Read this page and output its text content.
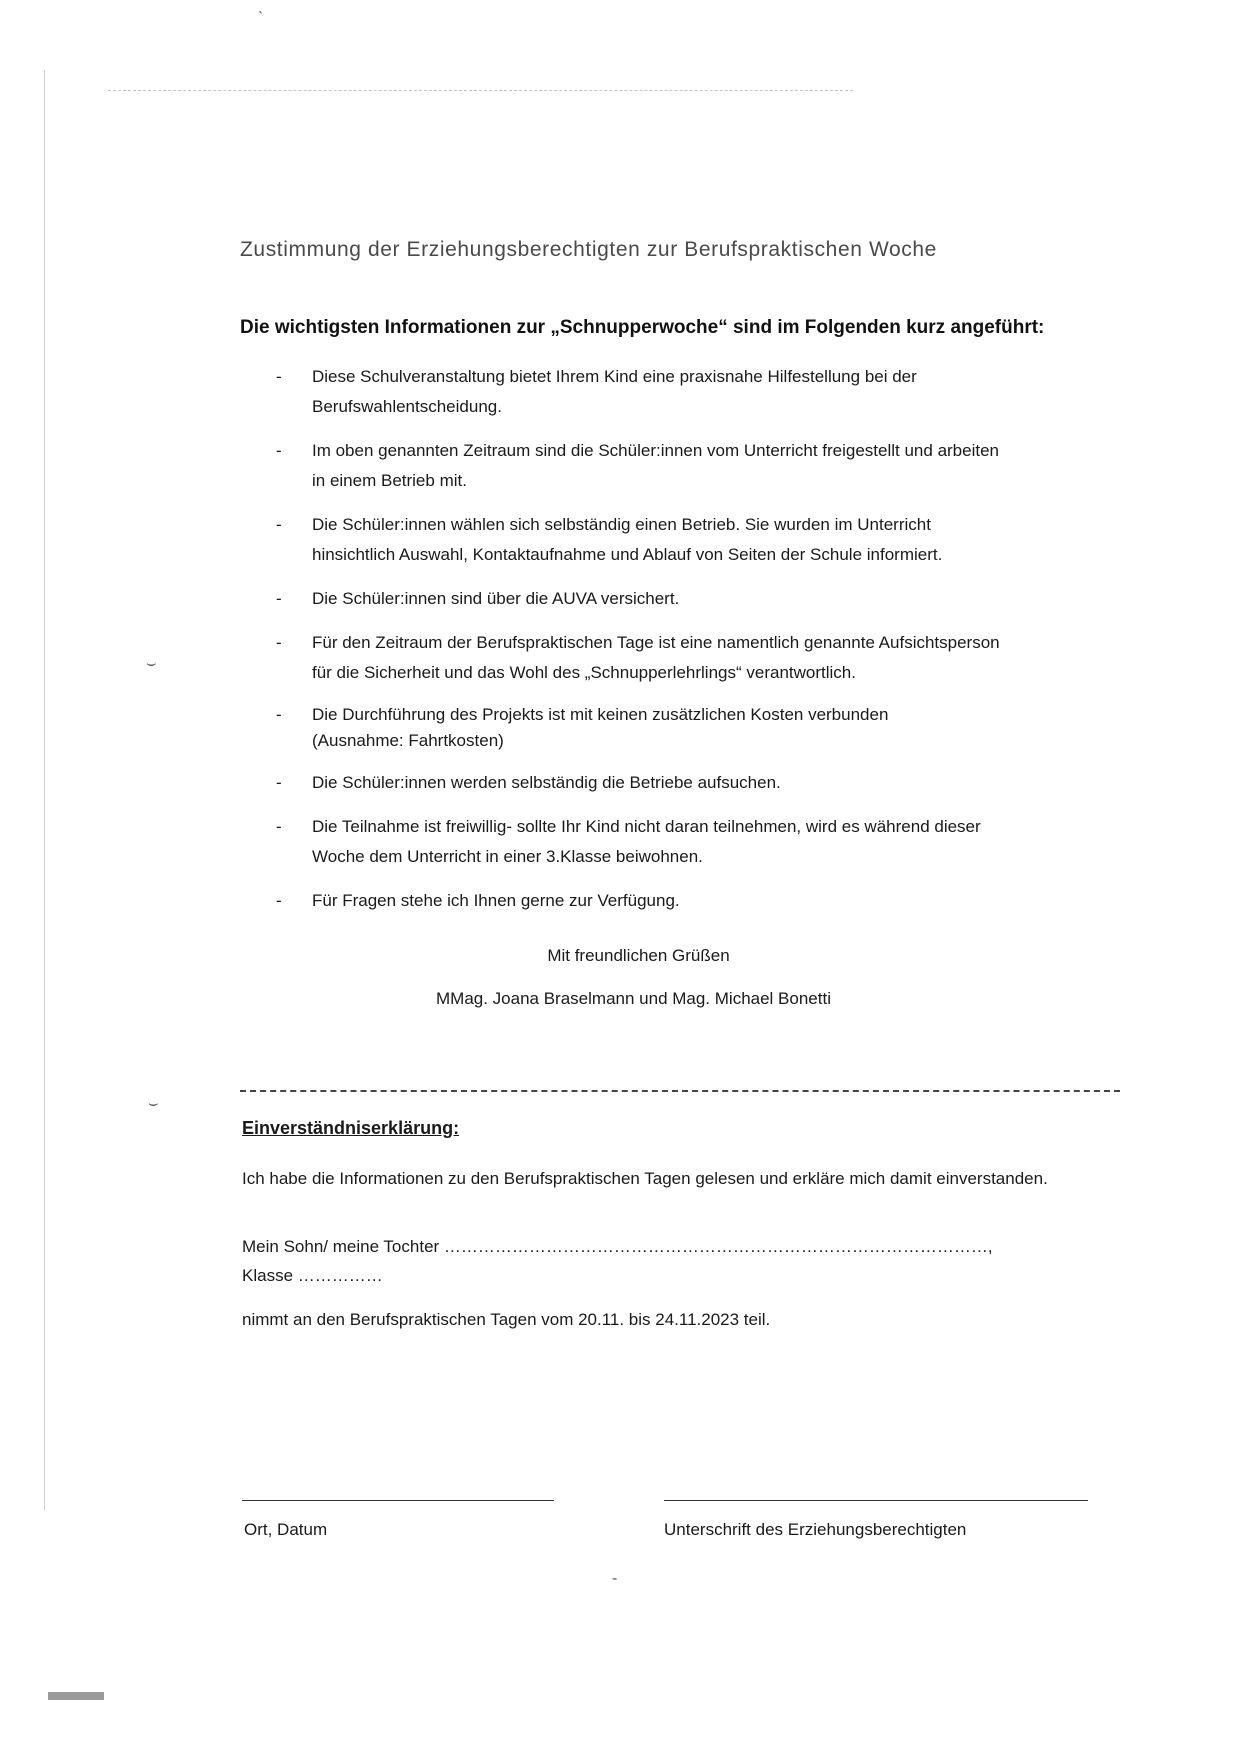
ˋ
⌣
⌣
-
Zustimmung der Erziehungsberechtigten zur Berufspraktischen Woche
Die wichtigsten Informationen zur „Schnupperwoche“ sind im Folgenden kurz angeführt:
- Diese Schulveranstaltung bietet Ihrem Kind eine praxisnahe Hilfestellung bei der
Berufswahlentscheidung.
- Im oben genannten Zeitraum sind die Schüler:innen vom Unterricht freigestellt und arbeiten
in einem Betrieb mit.
- Die Schüler:innen wählen sich selbständig einen Betrieb. Sie wurden im Unterricht
hinsichtlich Auswahl, Kontaktaufnahme und Ablauf von Seiten der Schule informiert.
- Die Schüler:innen sind über die AUVA versichert.
- Für den Zeitraum der Berufspraktischen Tage ist eine namentlich genannte Aufsichtsperson
für die Sicherheit und das Wohl des „Schnupperlehrlings“ verantwortlich.
- Die Durchführung des Projekts ist mit keinen zusätzlichen Kosten verbunden
(Ausnahme: Fahrtkosten)
- Die Schüler:innen werden selbständig die Betriebe aufsuchen.
- Die Teilnahme ist freiwillig- sollte Ihr Kind nicht daran teilnehmen, wird es während dieser
Woche dem Unterricht in einer 3.Klasse beiwohnen.
- Für Fragen stehe ich Ihnen gerne zur Verfügung.
Mit freundlichen Grüßen
MMag. Joana Braselmann und Mag. Michael Bonetti
Einverständniserklärung:
Ich habe die Informationen zu den Berufspraktischen Tagen gelesen und erkläre mich damit einverstanden.
Mein Sohn/ meine Tochter ……………………………………………………………………………………,
Klasse ……………
nimmt an den Berufspraktischen Tagen vom 20.11. bis 24.11.2023 teil.
Ort, Datum	Unterschrift des Erziehungsberechtigten
